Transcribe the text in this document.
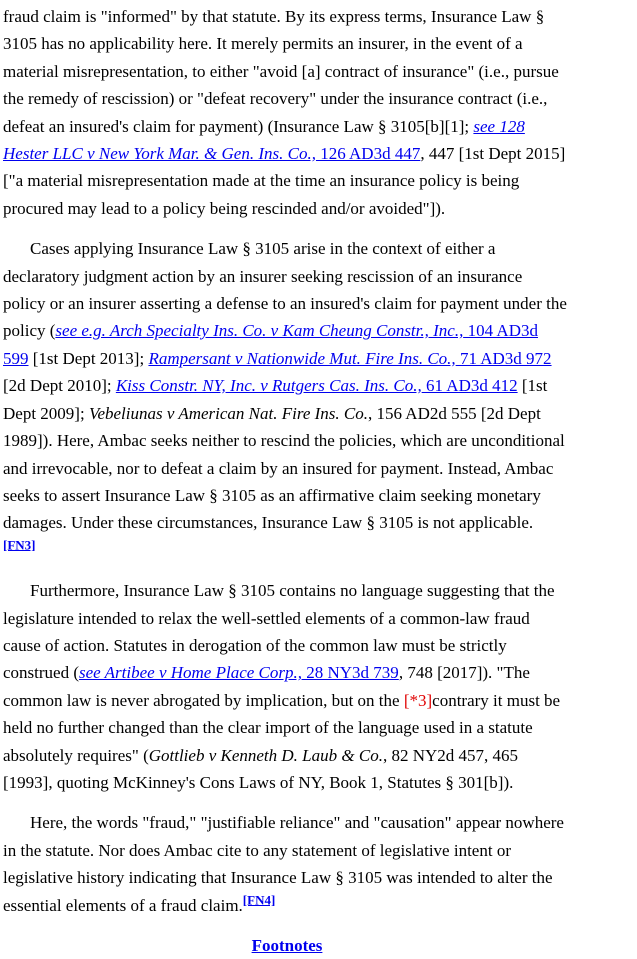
fraud claim is "informed" by that statute. By its express terms, Insurance Law §
3105 has no applicability here. It merely permits an insurer, in the event of a
material misrepresentation, to either "avoid [a] contract of insurance" (i.e., pursue
the remedy of rescission) or "defeat recovery" under the insurance contract (i.e.,
defeat an insured's claim for payment) (Insurance Law § 3105[b][1]; see 128
Hester LLC v New York Mar. & Gen. Ins. Co., 126 AD3d 447, 447 [1st Dept 2015]
["a material misrepresentation made at the time an insurance policy is being
procured may lead to a policy being rescinded and/or avoided"]).

Cases applying Insurance Law § 3105 arise in the context of either a
declaratory judgment action by an insurer seeking rescission of an insurance
policy or an insurer asserting a defense to an insured's claim for payment under the
policy (see e.g. Arch Specialty Ins. Co. v Kam Cheung Constr., Inc., 104 AD3d
599 [1st Dept 2013]; Rampersant v Nationwide Mut. Fire Ins. Co., 71 AD3d 972
[2d Dept 2010]; Kiss Constr. NY, Inc. v Rutgers Cas. Ins. Co., 61 AD3d 412 [1st
Dept 2009]; Vebeliunas v American Nat. Fire Ins. Co., 156 AD2d 555 [2d Dept
1989]). Here, Ambac seeks neither to rescind the policies, which are unconditional
and irrevocable, nor to defeat a claim by an insured for payment. Instead, Ambac
seeks to assert Insurance Law § 3105 as an affirmative claim seeking monetary
damages. Under these circumstances, Insurance Law § 3105 is not applicable.
[FN3]

Furthermore, Insurance Law § 3105 contains no language suggesting that the
legislature intended to relax the well-settled elements of a common-law fraud
cause of action. Statutes in derogation of the common law must be strictly
construed (see Artibee v Home Place Corp., 28 NY3d 739, 748 [2017]). "The
common law is never abrogated by implication, but on the [*3]contrary it must be
held no further changed than the clear import of the language used in a statute
absolutely requires" (Gottlieb v Kenneth D. Laub & Co., 82 NY2d 457, 465
[1993], quoting McKinney's Cons Laws of NY, Book 1, Statutes § 301[b]).

Here, the words "fraud," "justifiable reliance" and "causation" appear nowhere
in the statute. Nor does Ambac cite to any statement of legislative intent or
legislative history indicating that Insurance Law § 3105 was intended to alter the
essential elements of a fraud claim.[FN4]

Footnotes
